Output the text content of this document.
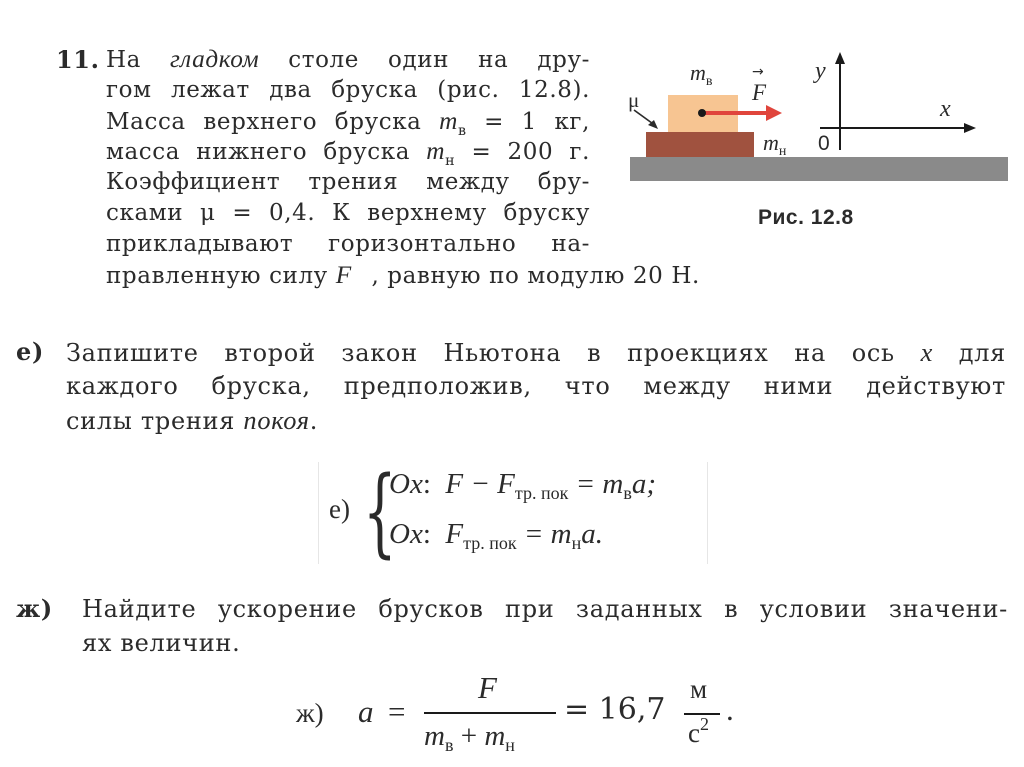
11. На гладком столе один на дру-
гом лежат два бруска (рис. 12.8).
Масса верхнего бруска $m_в = 1$ кг,
масса нижнего бруска $m_н = 200$ г.
Коэффициент трения между бру-
сками μ = 0,4. К верхнему бруску
прикладывают горизонтально на-
правленную силу F⃗, равную по модулю 20 Н.
$m_в$
μ	F
→
$m_н$
y
x
0
Рис. 12.8
е) Запишите второй закон Ньютона в проекциях на ось x для
каждого бруска, предположив, что между ними действуют
силы трения покоя.
е) {
Ox:  $F - F_{тр. пок} = m_вa$;
Ox:  $F_{тр. пок} = m_нa$.
ж) Найдите ускорение брусков при заданных в условии значени-
ях величин.
ж) a =
F
$m_в + m_н$
= 16,7
м
$с^2$ .
